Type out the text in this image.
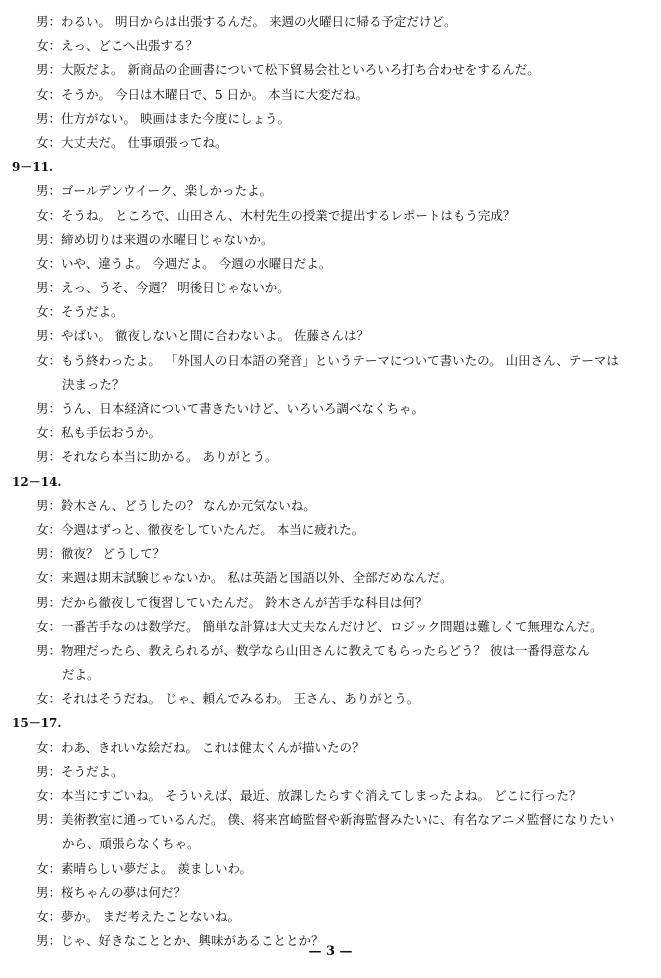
男：わるい。 明日からは出張するんだ。 来週の火曜日に帰る予定だけど。
女：えっ、どこへ出張する？
男：大阪だよ。 新商品の企画書について松下貿易会社といろいろ打ち合わせをするんだ。
女：そうか。 今日は木曜日で、5 日か。 本当に大変だね。
男：仕方がない。 映画はまた今度にしょう。
女：大丈夫だ。 仕事頑張ってね。
9－11.
男：ゴールデンウイーク、楽しかったよ。
女：そうね。 ところで、山田さん、木村先生の授業で提出するレポートはもう完成？
男：締め切りは来週の水曜日じゃないか。
女：いや、違うよ。 今週だよ。 今週の水曜日だよ。
男：えっ、うそ、今週？ 明後日じゃないか。
女：そうだよ。
男：やばい。 徹夜しないと間に合わないよ。 佐藤さんは？
女：もう終わったよ。 「外国人の日本語の発音」というテーマについて書いたの。 山田さん、テーマは
決まった？
男：うん、日本経済について書きたいけど、いろいろ調べなくちゃ。
女：私も手伝おうか。
男：それなら本当に助かる。 ありがとう。
12－14.
男：鈴木さん、どうしたの？ なんか元気ないね。
女：今週はずっと、徹夜をしていたんだ。 本当に疲れた。
男：徹夜？ どうして？
女：来週は期末試験じゃないか。 私は英語と国語以外、全部だめなんだ。
男：だから徹夜して復習していたんだ。 鈴木さんが苦手な科目は何？
女：一番苦手なのは数学だ。 簡単な計算は大丈夫なんだけど、ロジック問題は難しくて無理なんだ。
男：物理だったら、教えられるが、数学なら山田さんに教えてもらったらどう？ 彼は一番得意なん
だよ。
女：それはそうだね。 じゃ、頼んでみるわ。 王さん、ありがとう。
15－17.
女：わあ、きれいな絵だね。 これは健太くんが描いたの？
男：そうだよ。
女：本当にすごいね。 そういえば、最近、放課したらすぐ消えてしまったよね。 どこに行った？
男：美術教室に通っているんだ。 僕、将来宮崎監督や新海監督みたいに、有名なアニメ監督になりたい
から、頑張らなくちゃ。
女：素晴らしい夢だよ。 羨ましいわ。
男：桜ちゃんの夢は何だ？
女：夢か。 まだ考えたことないね。
男：じゃ、好きなこととか、興味があることとか？
— 3 —
